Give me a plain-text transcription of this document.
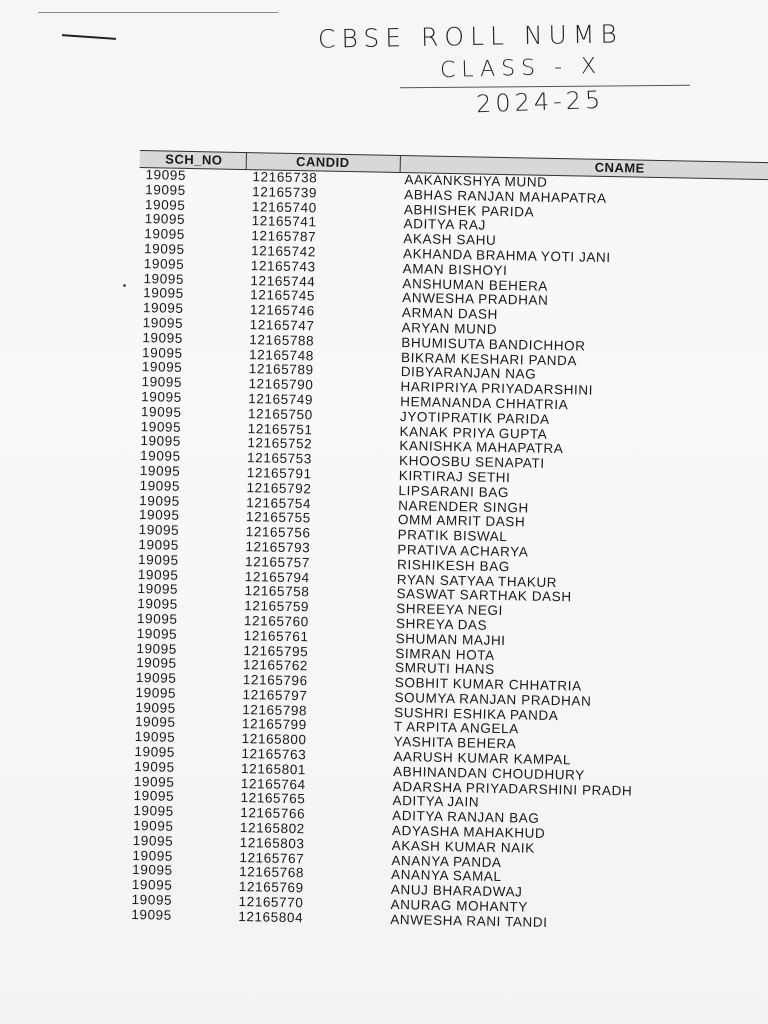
CBSE ROLL NUMB
CLASS - X
2024-25
SCH_NO	CANDID	CNAME
19095	12165738	AAKANKSHYA MUND
19095	12165739	ABHAS RANJAN MAHAPATRA
19095	12165740	ABHISHEK PARIDA
19095	12165741	ADITYA RAJ
19095	12165787	AKASH SAHU
19095	12165742	AKHANDA BRAHMA YOTI JANI
19095	12165743	AMAN BISHOYI
19095	12165744	ANSHUMAN BEHERA
19095	12165745	ANWESHA PRADHAN
19095	12165746	ARMAN DASH
19095	12165747	ARYAN MUND
19095	12165788	BHUMISUTA BANDICHHOR
19095	12165748	BIKRAM KESHARI PANDA
19095	12165789	DIBYARANJAN NAG
19095	12165790	HARIPRIYA PRIYADARSHINI
19095	12165749	HEMANANDA CHHATRIA
19095	12165750	JYOTIPRATIK PARIDA
19095	12165751	KANAK PRIYA GUPTA
19095	12165752	KANISHKA MAHAPATRA
19095	12165753	KHOOSBU SENAPATI
19095	12165791	KIRTIRAJ SETHI
19095	12165792	LIPSARANI BAG
19095	12165754	NARENDER SINGH
19095	12165755	OMM AMRIT DASH
19095	12165756	PRATIK BISWAL
19095	12165793	PRATIVA ACHARYA
19095	12165757	RISHIKESH BAG
19095	12165794	RYAN SATYAA THAKUR
19095	12165758	SASWAT SARTHAK DASH
19095	12165759	SHREEYA NEGI
19095	12165760	SHREYA DAS
19095	12165761	SHUMAN MAJHI
19095	12165795	SIMRAN HOTA
19095	12165762	SMRUTI HANS
19095	12165796	SOBHIT KUMAR CHHATRIA
19095	12165797	SOUMYA RANJAN PRADHAN
19095	12165798	SUSHRI ESHIKA PANDA
19095	12165799	T ARPITA ANGELA
19095	12165800	YASHITA BEHERA
19095	12165763	AARUSH KUMAR KAMPAL
19095	12165801	ABHINANDAN CHOUDHURY
19095	12165764	ADARSHA PRIYADARSHINI PRADH
19095	12165765	ADITYA JAIN
19095	12165766	ADITYA RANJAN BAG
19095	12165802	ADYASHA MAHAKHUD
19095	12165803	AKASH KUMAR NAIK
19095	12165767	ANANYA PANDA
19095	12165768	ANANYA SAMAL
19095	12165769	ANUJ BHARADWAJ
19095	12165770	ANURAG MOHANTY
19095	12165804	ANWESHA RANI TANDI
